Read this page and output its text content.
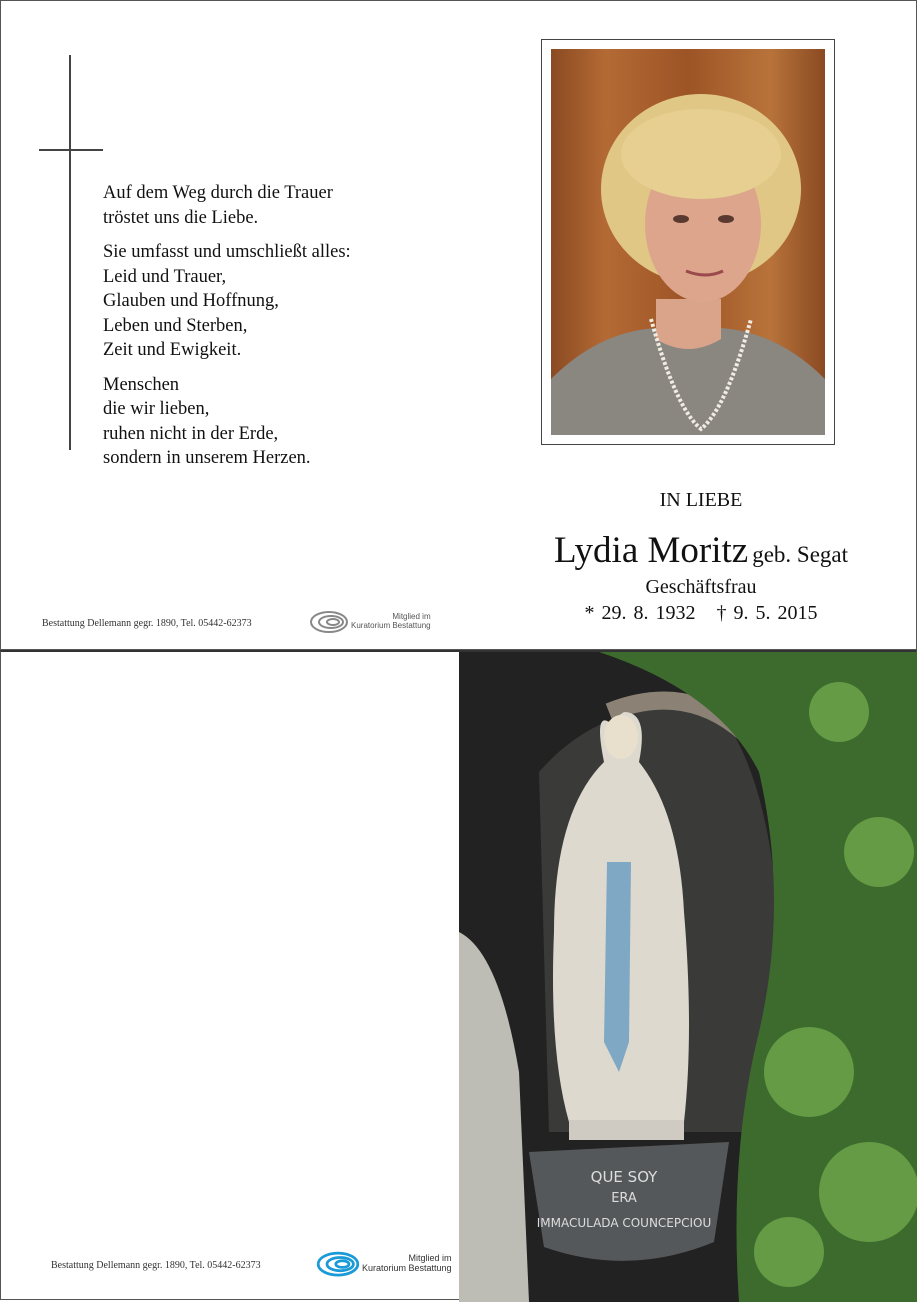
Auf dem Weg durch die Trauer
tröstet uns die Liebe.

Sie umfasst und umschließt alles:
Leid und Trauer,
Glauben und Hoffnung,
Leben und Sterben,
Zeit und Ewigkeit.

Menschen
die wir lieben,
ruhen nicht in der Erde,
sondern in unserem Herzen.

IN LIEBE
Lydia Moritz geb. Segat
Geschäftsfrau
* 29. 8. 1932 † 9. 5. 2015
Bestattung Dellemann gegr. 1890, Tel. 05442-62373
Mitglied im
Kuratorium Bestattung
Bestattung Dellemann gegr. 1890, Tel. 05442-62373
Mitglied im
Kuratorium Bestattung
QUE SOY
ERA
IMMACULADA COUNCEPCIOU
